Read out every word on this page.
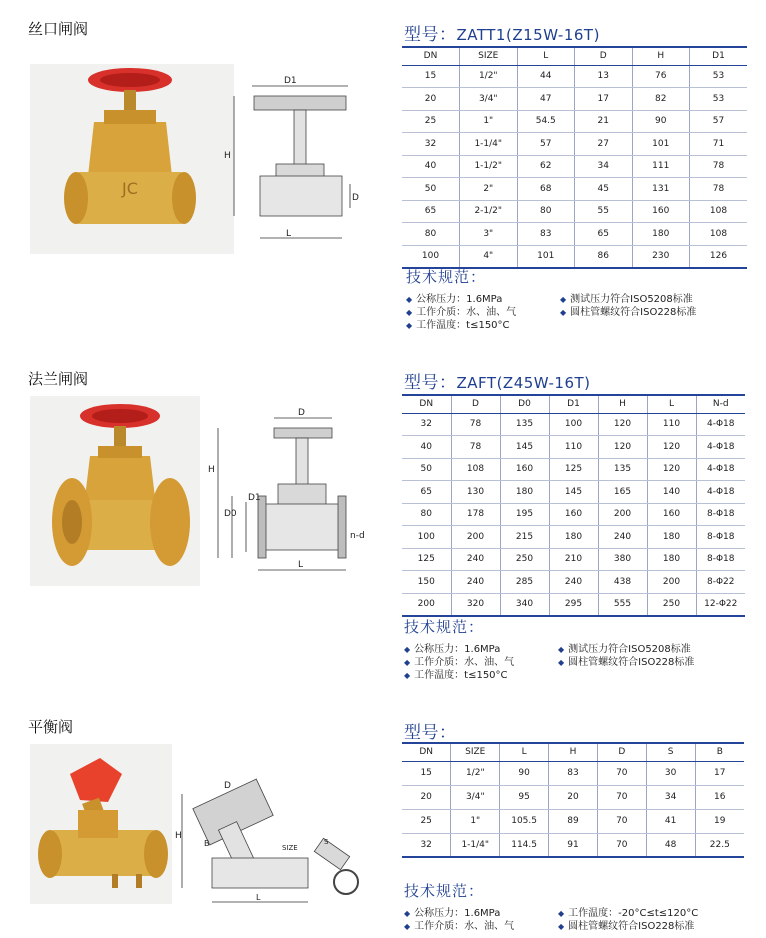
丝口闸阀
JC
D1
H
D
L
型号：ZATT1(Z15W-16T)
DN	SIZE	L	D	H	D1
15	1/2"	44	13	76	53
20	3/4"	47	17	82	53
25	1"	54.5	21	90	57
32	1-1/4"	57	27	101	71
40	1-1/2"	62	34	111	78
50	2"	68	45	131	78
65	2-1/2"	80	55	160	108
80	3"	83	65	180	108
100	4"	101	86	230	126
技术规范：
◆ 公称压力：1.6MPa
◆ 工作介质：水、油、气
◆ 工作温度：t≤150°C
◆ 测试压力符合ISO5208标准
◆ 圆柱管螺纹符合ISO228标准
法兰闸阀
D
H
D0
D1
n-d
L
型号：ZAFT(Z45W-16T)
DN	D	D0	D1	H	L	N-d
32	78	135	100	120	110	4-Φ18
40	78	145	110	120	120	4-Φ18
50	108	160	125	135	120	4-Φ18
65	130	180	145	165	140	4-Φ18
80	178	195	160	200	160	8-Φ18
100	200	215	180	240	180	8-Φ18
125	240	250	210	380	180	8-Φ18
150	240	285	240	438	200	8-Φ22
200	320	340	295	555	250	12-Φ22
技术规范：
◆ 公称压力：1.6MPa
◆ 工作介质：水、油、气
◆ 工作温度：t≤150°C
◆ 测试压力符合ISO5208标准
◆ 圆柱管螺纹符合ISO228标准
平衡阀
D
H
B	SIZE
S
L
型号：
DN	SIZE	L	H	D	S	B
15	1/2"	90	83	70	30	17
20	3/4"	95	20	70	34	16
25	1"	105.5	89	70	41	19
32	1-1/4"	114.5	91	70	48	22.5
技术规范：
◆ 公称压力：1.6MPa
◆ 工作介质：水、油、气
◆ 工作温度：-20°C≤t≤120°C
◆ 圆柱管螺纹符合ISO228标准
